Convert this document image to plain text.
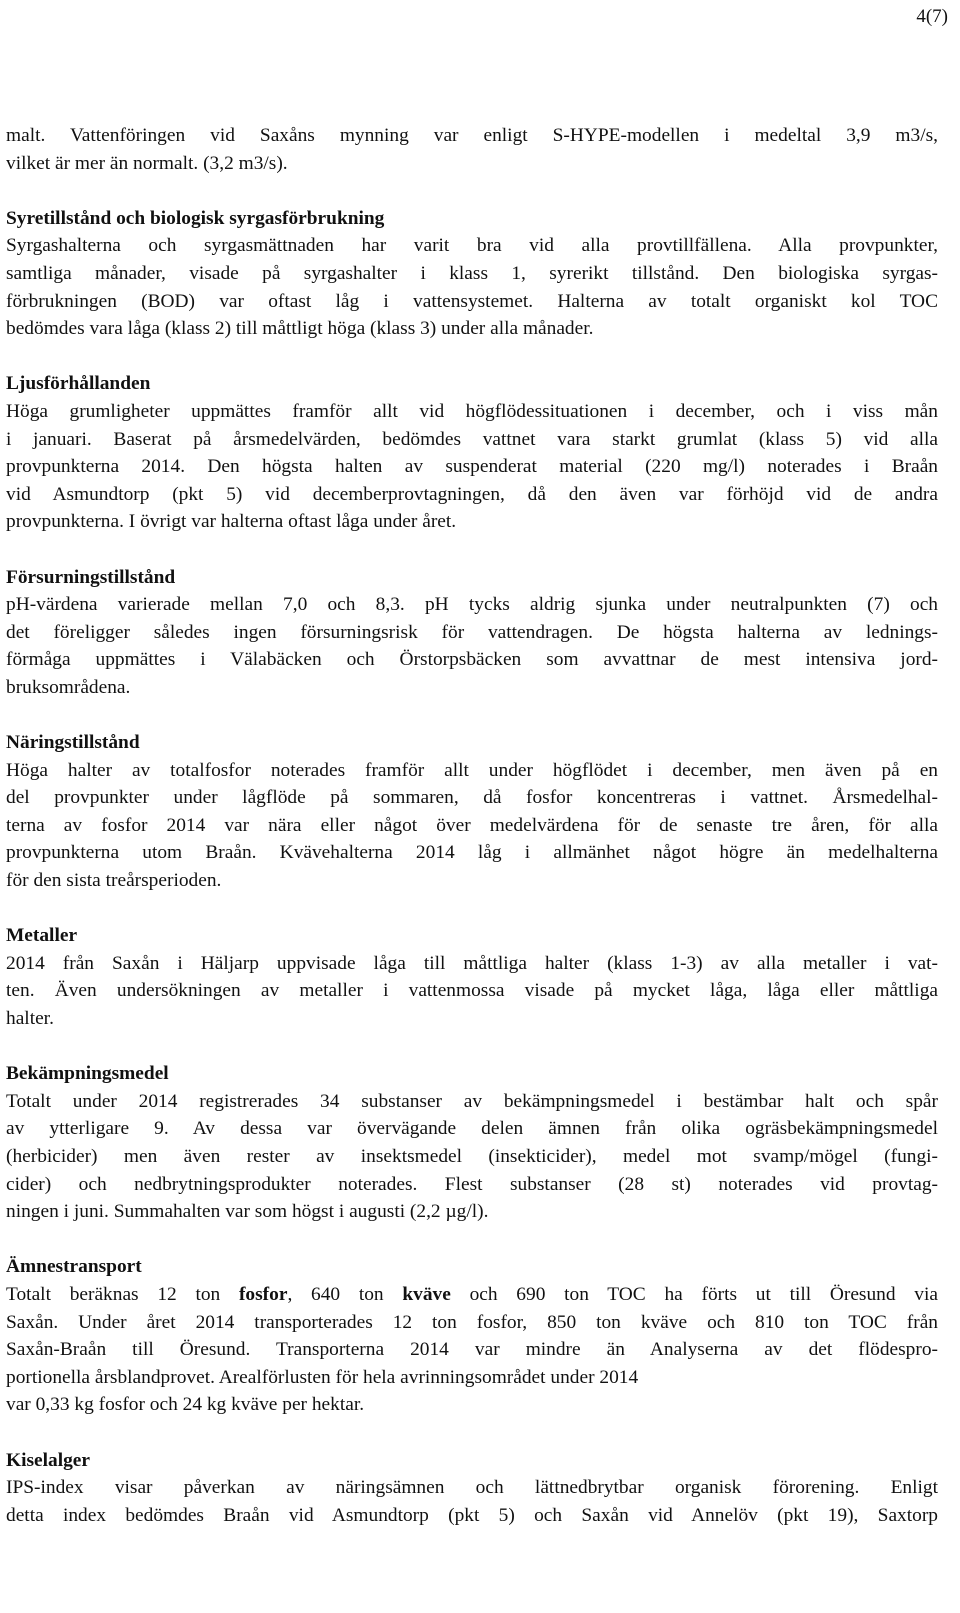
4(7)
malt. Vattenföringen vid Saxåns mynning var enligt S-HYPE-modellen i medeltal 3,9 m3/s,
vilket är mer än normalt. (3,2 m3/s).
Syretillstånd och biologisk syrgasförbrukning
Syrgashalterna och syrgasmättnaden har varit bra vid alla provtillfällena. Alla provpunkter,
samtliga månader, visade på syrgashalter i klass 1, syrerikt tillstånd. Den biologiska syrgas-
förbrukningen (BOD) var oftast låg i vattensystemet. Halterna av totalt organiskt kol TOC
bedömdes vara låga (klass 2) till måttligt höga (klass 3) under alla månader.
Ljusförhållanden
Höga grumligheter uppmättes framför allt vid högflödessituationen i december, och i viss mån
i januari. Baserat på årsmedelvärden, bedömdes vattnet vara starkt grumlat (klass 5) vid alla
provpunkterna 2014. Den högsta halten av suspenderat material (220 mg/l) noterades i Braån
vid Asmundtorp (pkt 5) vid decemberprovtagningen, då den även var förhöjd vid de andra
provpunkterna. I övrigt var halterna oftast låga under året.
Försurningstillstånd
pH-värdena varierade mellan 7,0 och 8,3. pH tycks aldrig sjunka under neutralpunkten (7) och
det föreligger således ingen försurningsrisk för vattendragen. De högsta halterna av lednings-
förmåga uppmättes i Välabäcken och Örstorpsbäcken som avvattnar de mest intensiva jord-
bruksområdena.
Näringstillstånd
Höga halter av totalfosfor noterades framför allt under högflödet i december, men även på en
del provpunkter under lågflöde på sommaren, då fosfor koncentreras i vattnet. Årsmedelhal-
terna av fosfor 2014 var nära eller något över medelvärdena för de senaste tre åren, för alla
provpunkterna utom Braån. Kvävehalterna 2014 låg i allmänhet något högre än medelhalterna
för den sista treårsperioden.
Metaller
2014 från Saxån i Häljarp uppvisade låga till måttliga halter (klass 1-3) av alla metaller i vat-
ten. Även undersökningen av metaller i vattenmossa visade på mycket låga, låga eller måttliga
halter.
Bekämpningsmedel
Totalt under 2014 registrerades 34 substanser av bekämpningsmedel i bestämbar halt och spår
av ytterligare 9. Av dessa var övervägande delen ämnen från olika ogräsbekämpningsmedel
(herbicider) men även rester av insektsmedel (insekticider), medel mot svamp/mögel (fungi-
cider) och nedbrytningsprodukter noterades. Flest substanser (28 st) noterades vid provtag-
ningen i juni. Summahalten var som högst i augusti (2,2 µg/l).
Ämnestransport
Totalt beräknas 12 ton fosfor, 640 ton kväve och 690 ton TOC ha förts ut till Öresund via
Saxån. Under året 2014 transporterades 12 ton fosfor, 850 ton kväve och 810 ton TOC från
Saxån-Braån till Öresund. Transporterna 2014 var mindre än Analyserna av det flödespro-
portionella årsblandprovet. Arealförlusten för hela avrinningsområdet under 2014
var 0,33 kg fosfor och 24 kg kväve per hektar.
Kiselalger
IPS-index visar påverkan av näringsämnen och lättnedbrytbar organisk förorening. Enligt
detta index bedömdes Braån vid Asmundtorp (pkt 5) och Saxån vid Annelöv (pkt 19), Saxtorp
